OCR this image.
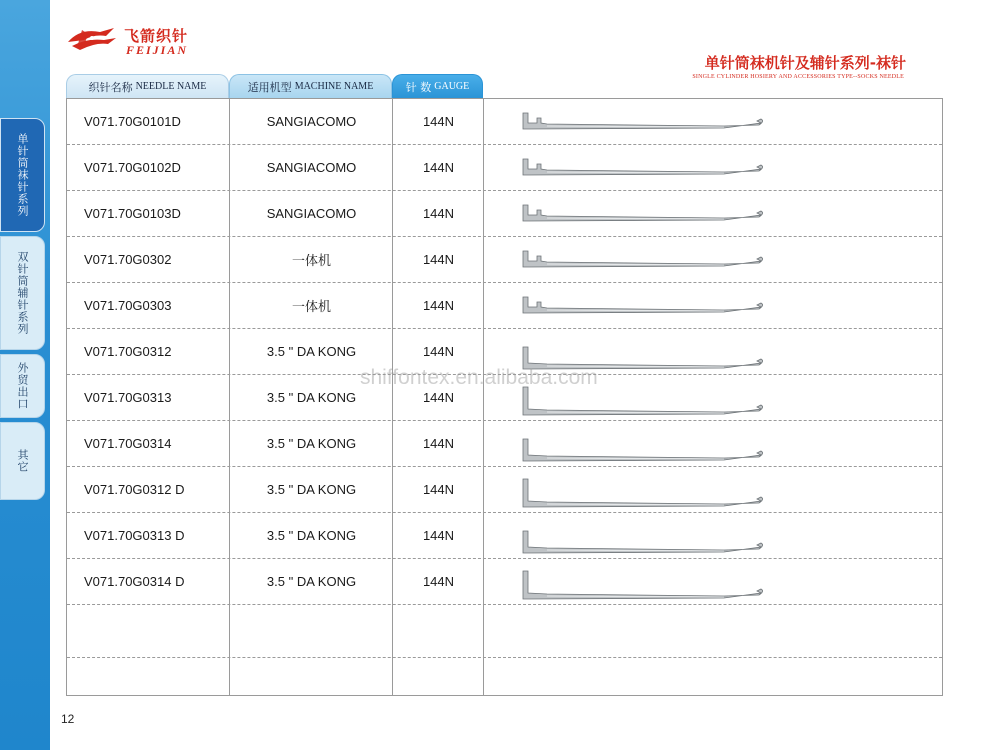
单针筒袜针系列
双针筒辅针系列
外贸出口
其它
飞箭织针
FEIJIAN
单针筒袜机针及辅针系列-袜针
SINGLE CYLINDER HOSIERY AND ACCESSORIES TYPE--SOCKS NEEDLE
织针名称 NEEDLE NAME	适用机型 MACHINE NAME	针 数 GAUGE
V071.70G0101D	SANGIACOMO	144N
V071.70G0102D	SANGIACOMO	144N
V071.70G0103D	SANGIACOMO	144N
V071.70G0302	一体机	144N
V071.70G0303	一体机	144N
V071.70G0312	3.5 " DA KONG	144N
V071.70G0313	3.5 " DA KONG	144N
V071.70G0314	3.5 " DA KONG	144N
V071.70G0312 D	3.5 " DA KONG	144N
V071.70G0313 D	3.5 " DA KONG	144N
V071.70G0314 D	3.5 " DA KONG	144N
shiffontex.en.alibaba.com
12
